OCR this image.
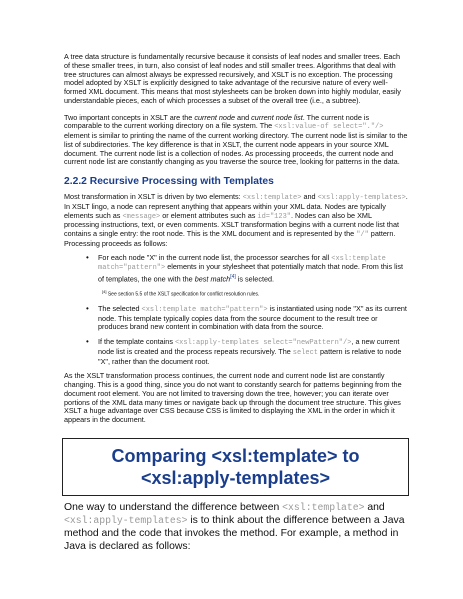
A tree data structure is fundamentally recursive because it consists of leaf nodes and smaller trees. Each of these smaller trees, in turn, also consist of leaf nodes and still smaller trees. Algorithms that deal with tree structures can almost always be expressed recursively, and XSLT is no exception. The processing model adopted by XSLT is explicitly designed to take advantage of the recursive nature of every well-formed XML document. This means that most stylesheets can be broken down into highly modular, easily understandable pieces, each of which processes a subset of the overall tree (i.e., a subtree).

Two important concepts in XSLT are the current node and current node list. The current node is comparable to the current working directory on a file system. The <xsl:value-of select="."/> element is similar to printing the name of the current working directory. The current node list is similar to the list of subdirectories. The key difference is that in XSLT, the current node appears in your source XML document. The current node list is a collection of nodes. As processing proceeds, the current node and current node list are constantly changing as you traverse the source tree, looking for patterns in the data.

2.2.2 Recursive Processing with Templates

Most transformation in XSLT is driven by two elements: <xsl:template> and <xsl:apply-templates>. In XSLT lingo, a node can represent anything that appears within your XML data. Nodes are typically elements such as <message> or element attributes such as id="123". Nodes can also be XML processing instructions, text, or even comments. XSLT transformation begins with a current node list that contains a single entry: the root node. This is the XML document and is represented by the "/" pattern. Processing proceeds as follows:

• For each node "X" in the current node list, the processor searches for all <xsl:template match="pattern"> elements in your stylesheet that potentially match that node. From this list of templates, the one with the best match[4] is selected.

[4] See section 5.5 of the XSLT specification for conflict resolution rules.

• The selected <xsl:template match="pattern"> is instantiated using node "X" as its current node. This template typically copies data from the source document to the result tree or produces brand new content in combination with data from the source.

• If the template contains <xsl:apply-templates select="newPattern"/>, a new current node list is created and the process repeats recursively. The select pattern is relative to node "X", rather than the document root.

As the XSLT transformation process continues, the current node and current node list are constantly changing. This is a good thing, since you do not want to constantly search for patterns beginning from the document root element. You are not limited to traversing down the tree, however; you can iterate over portions of the XML data many times or navigate back up through the document tree structure. This gives XSLT a huge advantage over CSS because CSS is limited to displaying the XML in the order in which it appears in the document.

Comparing <xsl:template> to <xsl:apply-templates>

One way to understand the difference between <xsl:template> and <xsl:apply-templates> is to think about the difference between a Java method and the code that invokes the method. For example, a method in Java is declared as follows:
